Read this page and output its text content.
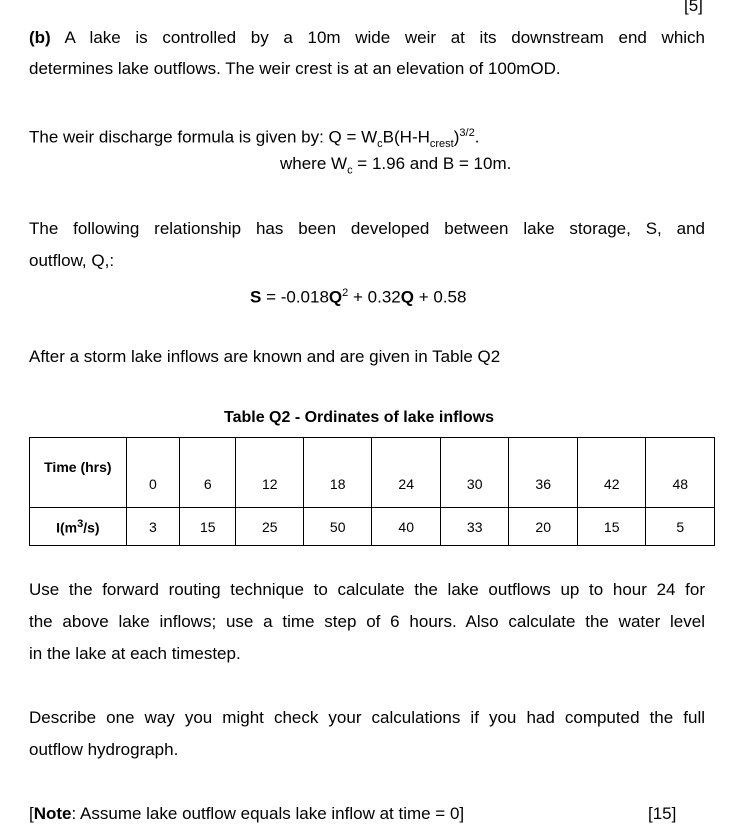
[5]
(b) A lake is controlled by a 10m wide weir at its downstream end which
determines lake outflows. The weir crest is at an elevation of 100mOD.
The weir discharge formula is given by: $Q = W_cB(H-H_{crest})^{3/2}$.
where $W_c = 1.96$ and B = 10m.
The following relationship has been developed between lake storage, S, and
outflow, Q,:
$S = -0.018Q^2 + 0.32Q + 0.58$
After a storm lake inflows are known and are given in Table Q2
Table Q2 - Ordinates of lake inflows
Time (hrs)	0	6	12	18	24	30	36	42	48
$I(m^3/s)$	3	15	25	50	40	33	20	15	5
Use the forward routing technique to calculate the lake outflows up to hour 24 for
the above lake inflows; use a time step of 6 hours. Also calculate the water level
in the lake at each timestep.
Describe one way you might check your calculations if you had computed the full
outflow hydrograph.
[Note: Assume lake outflow equals lake inflow at time = 0]	[15]
